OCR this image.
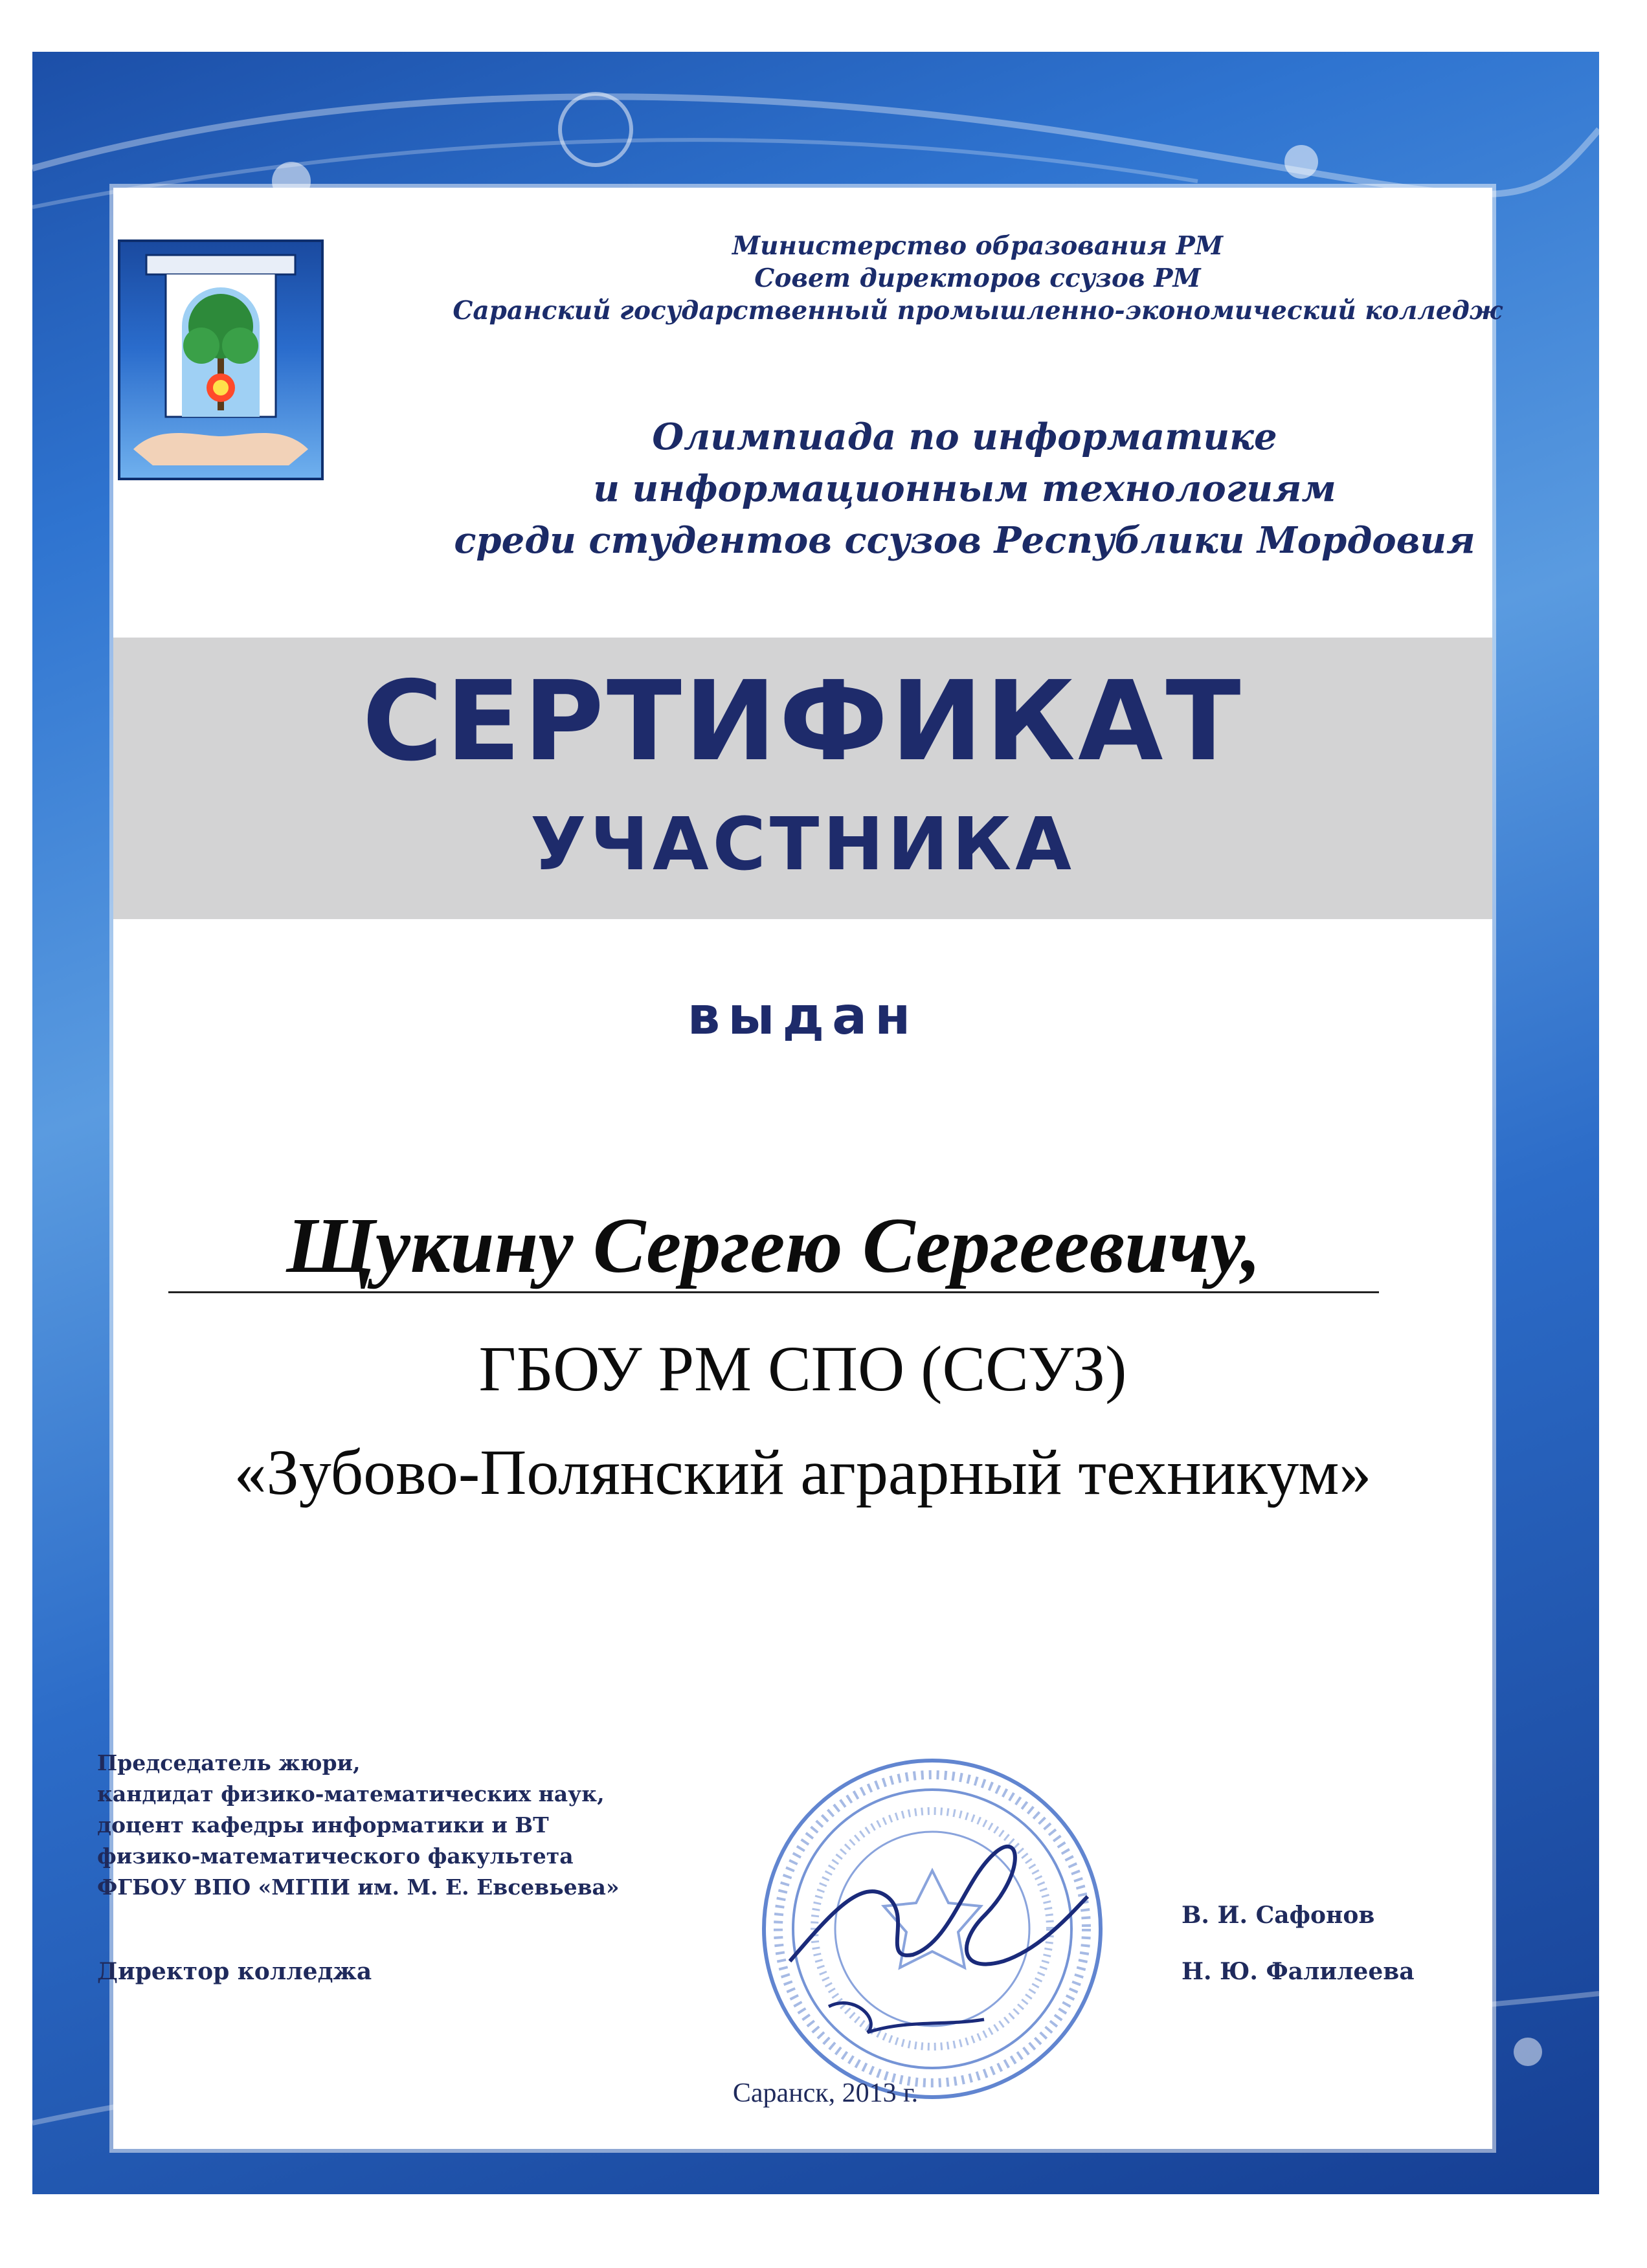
Министерство образования РМ
Совет директоров ссузов РМ
Саранский государственный промышленно-экономический колледж
Олимпиада по информатике
и информационным технологиям
среди студентов ссузов Республики Мордовия
СЕРТИФИКАТ
УЧАСТНИКА
выдан
Щукину Сергею Сергеевичу,
ГБОУ РМ СПО (ССУЗ)
«Зубово-Полянский аграрный техникум»
Председатель жюри,
кандидат физико-математических наук,
доцент кафедры информатики и ВТ
физико-математического факультета
ФГБОУ ВПО «МГПИ им. М. Е. Евсевьева»
Директор колледжа
В. И. Сафонов
Н. Ю. Фалилеева
Саранск, 2013 г.
